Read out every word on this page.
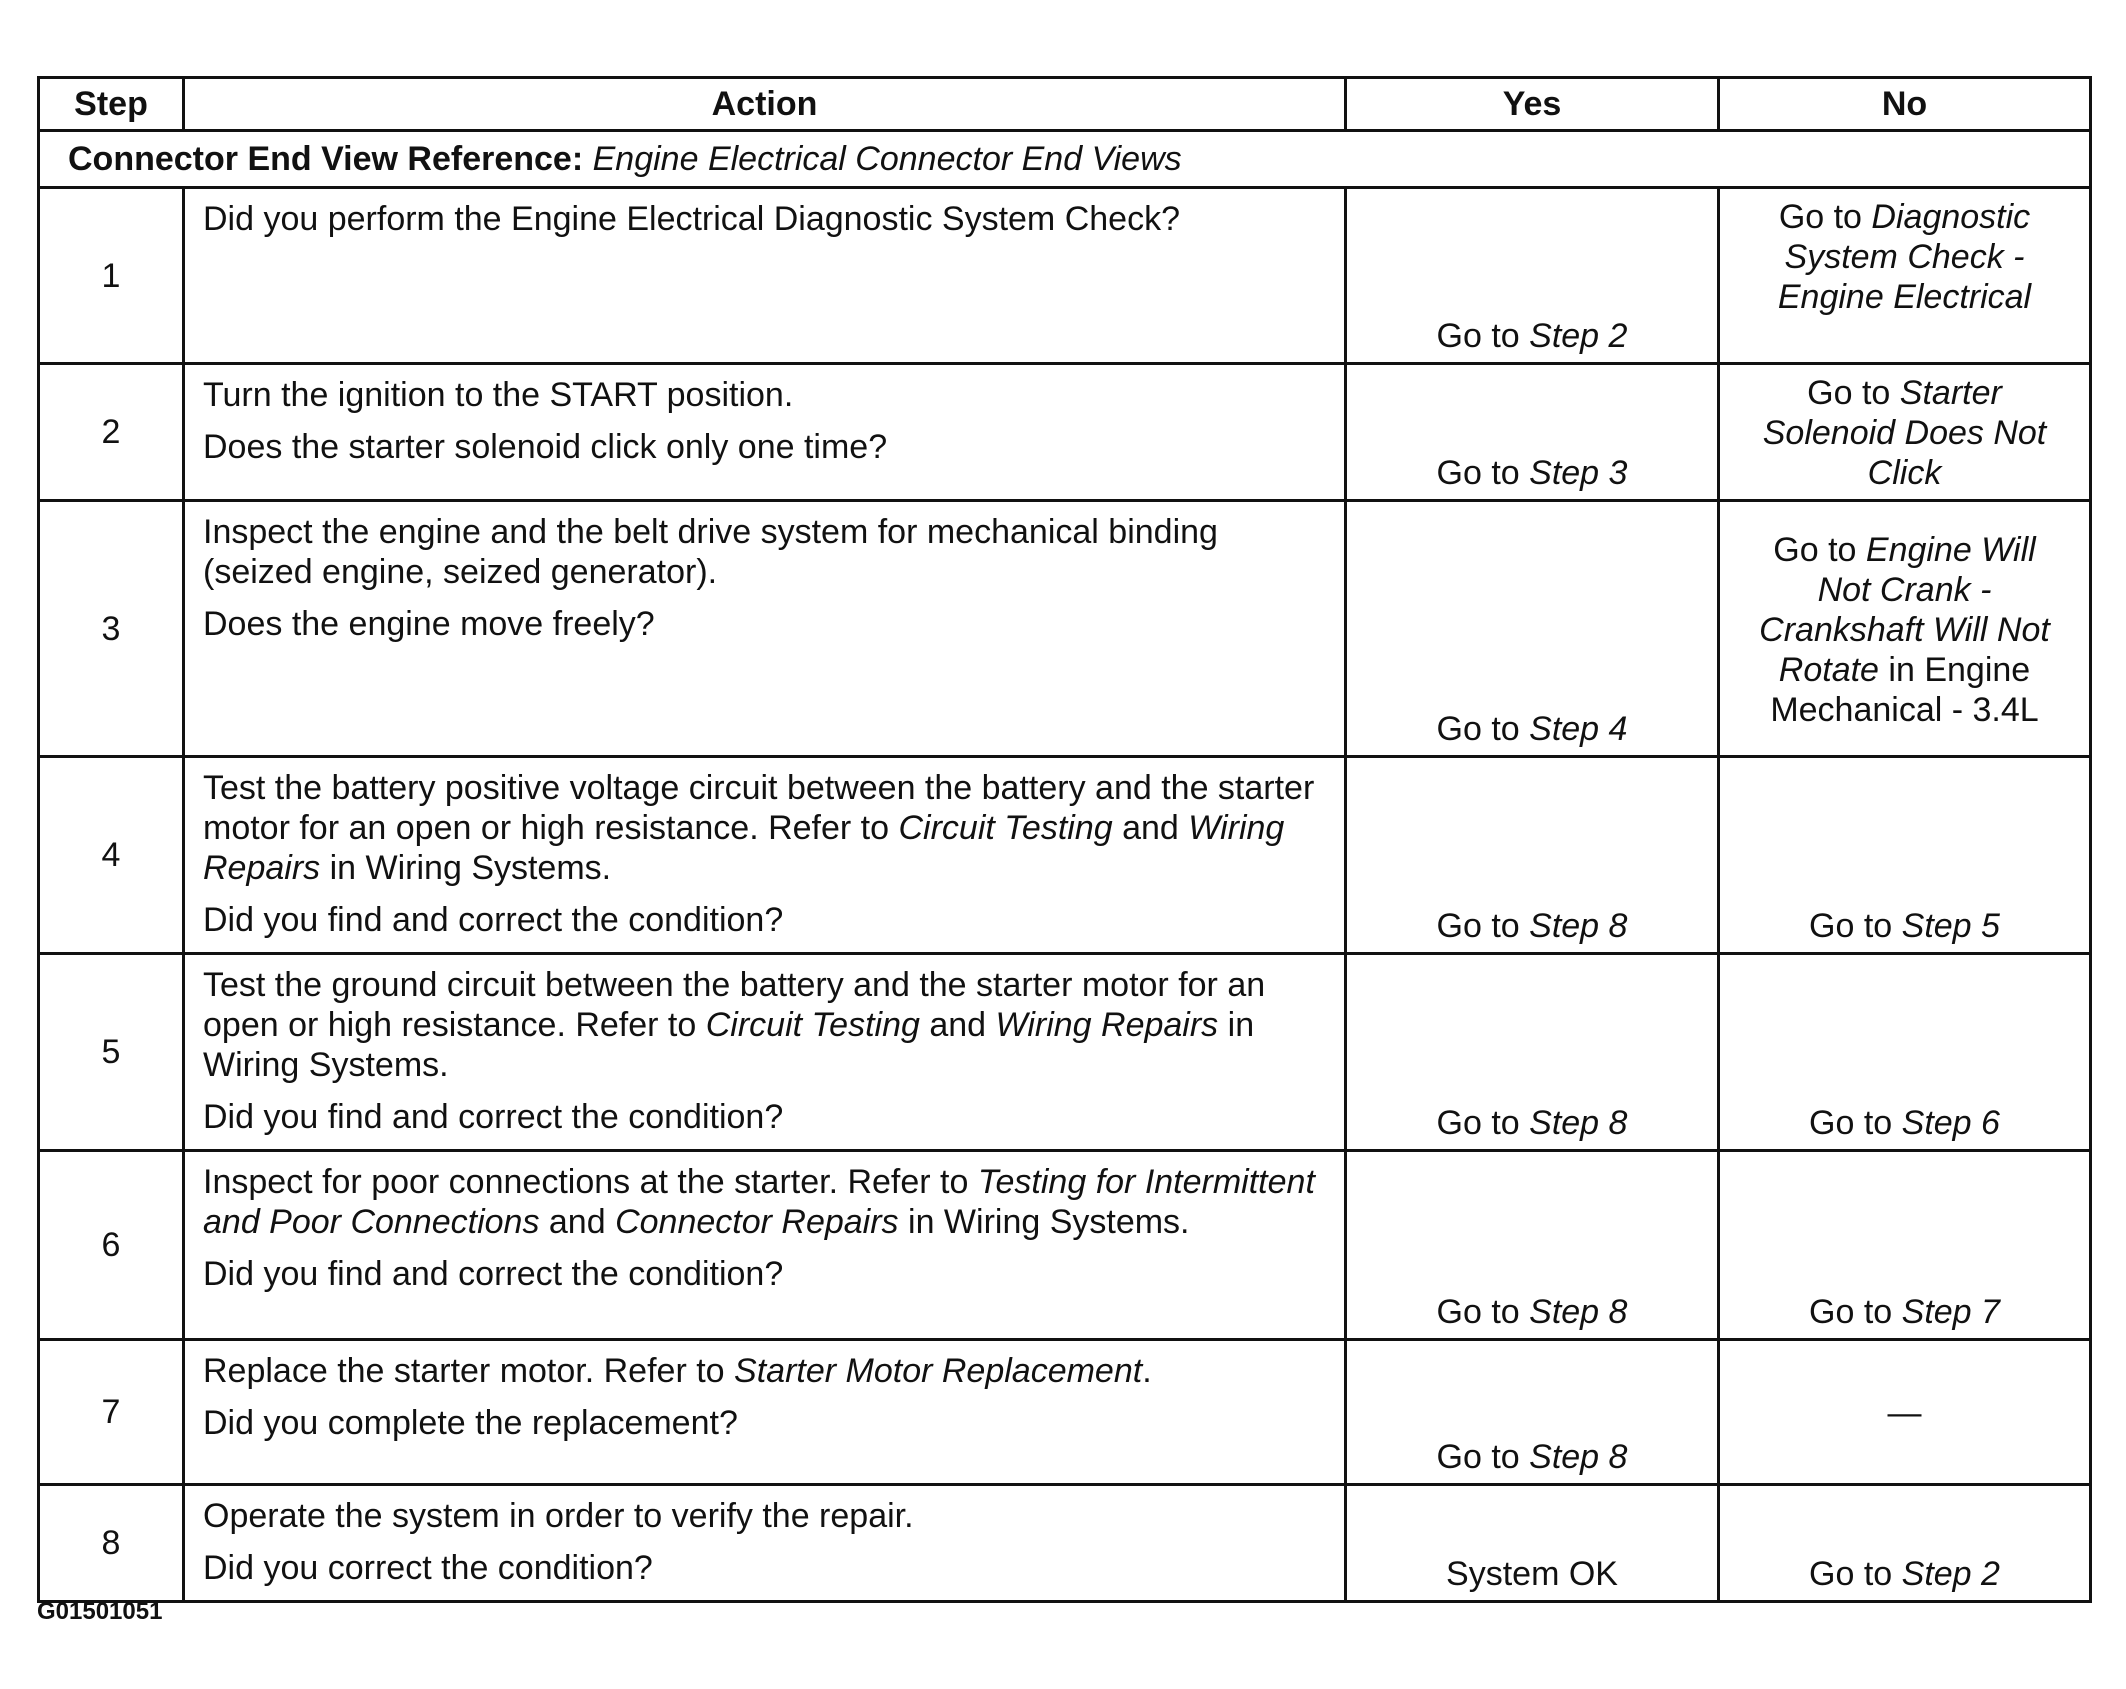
Step	Action	Yes	No
Connector End View Reference: Engine Electrical Connector End Views			
1	Did you perform the Engine Electrical Diagnostic System Check?	Go to Step 2	Go to Diagnostic System Check - Engine Electrical

2	Turn the ignition to the START position.
Does the starter solenoid click only one time?	Go to Step 3	Go to Starter Solenoid Does Not Click

3	Inspect the engine and the belt drive system for mechanical binding (seized engine, seized generator).
Does the engine move freely?	Go to Step 4	Go to Engine Will Not Crank - Crankshaft Will Not Rotate in Engine Mechanical - 3.4L

4	Test the battery positive voltage circuit between the battery and the starter motor for an open or high resistance. Refer to Circuit Testing and Wiring Repairs in Wiring Systems.
Did you find and correct the condition?	Go to Step 8	Go to Step 5

5	Test the ground circuit between the battery and the starter motor for an open or high resistance. Refer to Circuit Testing and Wiring Repairs in Wiring Systems.
Did you find and correct the condition?	Go to Step 8	Go to Step 6

6	Inspect for poor connections at the starter. Refer to Testing for Intermittent and Poor Connections and Connector Repairs in Wiring Systems.
Did you find and correct the condition?	Go to Step 8	Go to Step 7

7	Replace the starter motor. Refer to Starter Motor Replacement.
Did you complete the replacement?	Go to Step 8	—

8	Operate the system in order to verify the repair.
Did you correct the condition?	System OK	Go to Step 2
G01501051
